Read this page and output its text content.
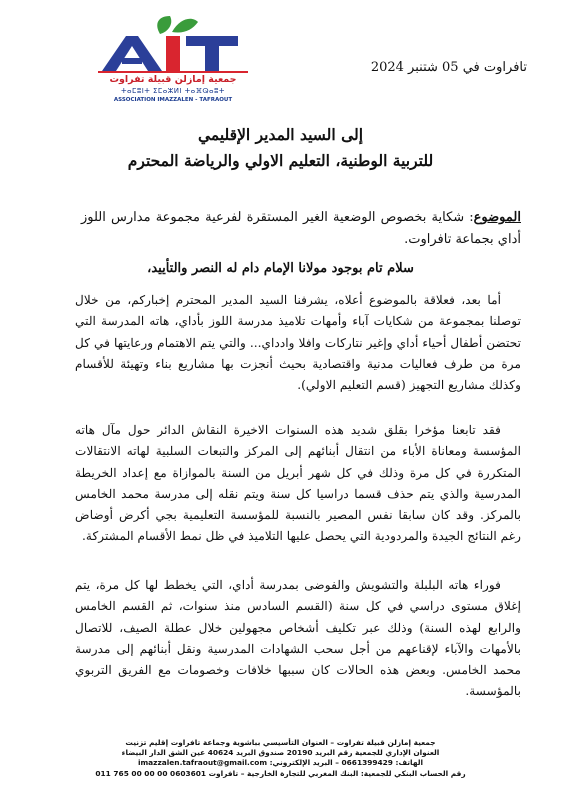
جمعية إمازلن قبيلة تفراوت
ⵜⴰⵎⵓⵏⵜ ⵉⵎⴰⵣⵍⵏ ⵜⴰⴼⵕⴰⵓⵜ
ASSOCIATION IMAZZALEN - TAFRAOUT
تافراوت في 05 شتنبر 2024
إلى السيد المدير الإقليمي
للتربية الوطنية، التعليم الاولي والرياضة المحترم
الموضوع: شكاية بخصوص الوضعية الغير المستقرة لفرعية مجموعة مدارس اللوز أداي بجماعة تافراوت.
سلام تام بوجود مولانا الإمام دام له النصر والتأييد،
أما بعد، فعلاقة بالموضوع أعلاه، يشرفنا السيد المدير المحترم إخباركم، من خلال توصلنا بمجموعة من شكايات آباء وأمهات تلاميذ مدرسة اللوز بأداي، هاته المدرسة التي تحتضن أطفال أحياء أداي وإغير نتاركات وافلا وادداي... والتي يتم الاهتمام ورعايتها في كل مرة من طرف فعاليات مدنية واقتصادية بحيث أنجزت بها مشاريع بناء وتهيئة للأقسام وكذلك مشاريع التجهيز (قسم التعليم الاولي).
فقد تابعنا مؤخرا بقلق شديد هذه السنوات الاخيرة النقاش الدائر حول مآل هاته المؤسسة ومعاناة الأباء من انتقال أبنائهم إلى المركز والتبعات السلبية لهاته الانتقالات المتكررة في كل مرة وذلك في كل شهر أبريل من السنة بالموازاة مع إعداد الخريطة المدرسية والذي يتم حذف قسما دراسيا كل سنة ويتم نقله إلى مدرسة محمد الخامس بالمركز. وقد كان سابقا نفس المصير بالنسبة للمؤسسة التعليمية بجي أكرض أوضاض رغم النتائج الجيدة والمردودية التي يحصل عليها التلاميذ في ظل نمط الأقسام المشتركة.
فوراء هاته البلبلة والتشويش والفوضى بمدرسة أداي، التي يخطط لها كل مرة، يتم إغلاق مستوى دراسي في كل سنة (القسم السادس منذ سنوات، ثم القسم الخامس والرابع لهذه السنة) وذلك عبر تكليف أشخاص مجهولين خلال عطلة الصيف، للاتصال بالأمهات والآباء لإقناعهم من أجل سحب الشهادات المدرسية ونقل أبنائهم إلى مدرسة محمد الخامس. وبعض هذه الحالات كان سببها خلافات وخصومات مع الفريق التربوي بالمؤسسة.
جمعية إمازلن قبيلة تفراوت – العنوان التأسيسي بباشوية وجماعة تافراوت إقليم تزنيت
العنوان الإداري للجمعية رقم البريد 20190 صندوق البريد 40624 عين الشق الدار البيضاء
الهاتف: 0661399429 – البريد الإلكتروني: imazzalen.tafraout@gmail.com
رقم الحساب البنكي للجمعية: البنك المغربي للتجارة الخارجية – تافراوت 0603601 00 00 00 765 011
